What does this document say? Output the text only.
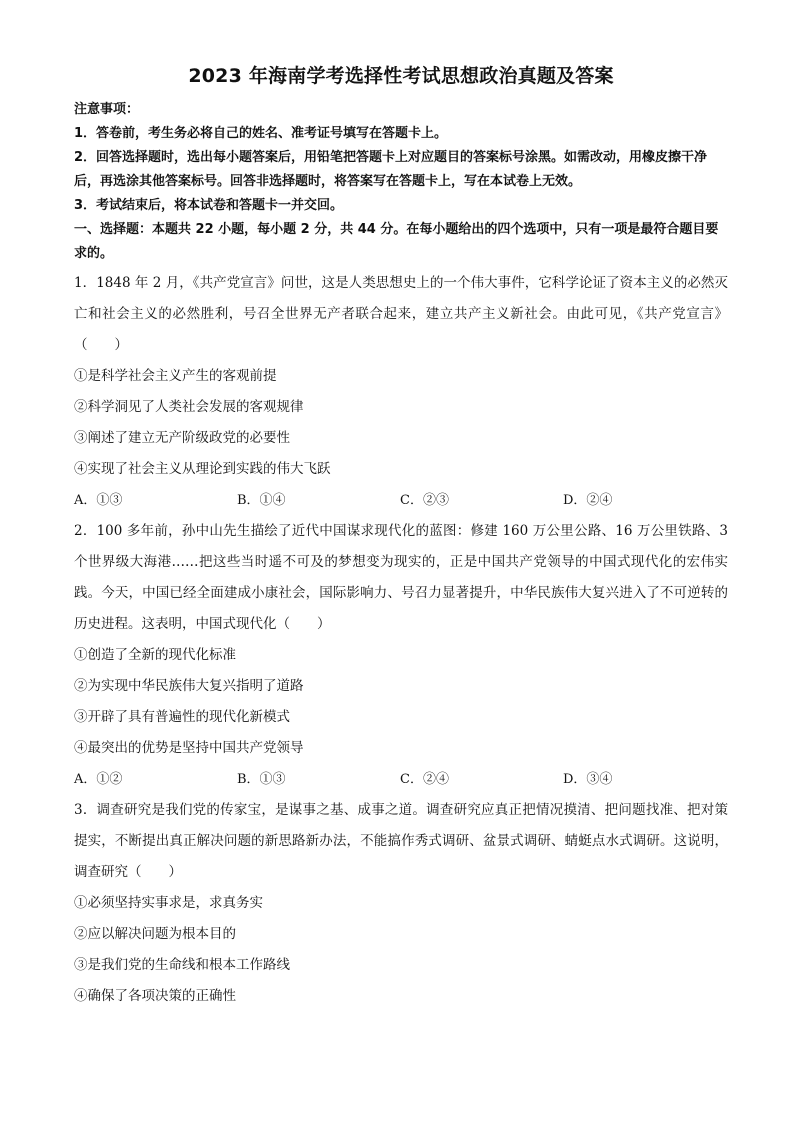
2023 年海南学考选择性考试思想政治真题及答案
注意事项：
1．答卷前，考生务必将自己的姓名、准考证号填写在答题卡上。
2．回答选择题时，选出每小题答案后，用铅笔把答题卡上对应题目的答案标号涂黑。如需改动，用橡皮擦干净后，再选涂其他答案标号。回答非选择题时，将答案写在答题卡上，写在本试卷上无效。
3．考试结束后，将本试卷和答题卡一并交回。
一、选择题：本题共 22 小题，每小题 2 分，共 44 分。在每小题给出的四个选项中，只有一项是最符合题目要求的。
1．1848 年 2 月，《共产党宣言》问世，这是人类思想史上的一个伟大事件，它科学论证了资本主义的必然灭亡和社会主义的必然胜利，号召全世界无产者联合起来，建立共产主义新社会。由此可见，《共产党宣言》（　　）
①是科学社会主义产生的客观前提
②科学洞见了人类社会发展的客观规律
③阐述了建立无产阶级政党的必要性
④实现了社会主义从理论到实践的伟大飞跃
A．①③	B．①④	C．②③	D．②④
2．100 多年前，孙中山先生描绘了近代中国谋求现代化的蓝图：修建 160 万公里公路、16 万公里铁路、3 个世界级大海港……把这些当时遥不可及的梦想变为现实的，正是中国共产党领导的中国式现代化的宏伟实践。今天，中国已经全面建成小康社会，国际影响力、号召力显著提升，中华民族伟大复兴进入了不可逆转的历史进程。这表明，中国式现代化（　　）
①创造了全新的现代化标准
②为实现中华民族伟大复兴指明了道路
③开辟了具有普遍性的现代化新模式
④最突出的优势是坚持中国共产党领导
A．①②	B．①③	C．②④	D．③④
3．调查研究是我们党的传家宝，是谋事之基、成事之道。调查研究应真正把情况摸清、把问题找准、把对策提实，不断提出真正解决问题的新思路新办法，不能搞作秀式调研、盆景式调研、蜻蜓点水式调研。这说明，调查研究（　　）
①必须坚持实事求是，求真务实
②应以解决问题为根本目的
③是我们党的生命线和根本工作路线
④确保了各项决策的正确性
